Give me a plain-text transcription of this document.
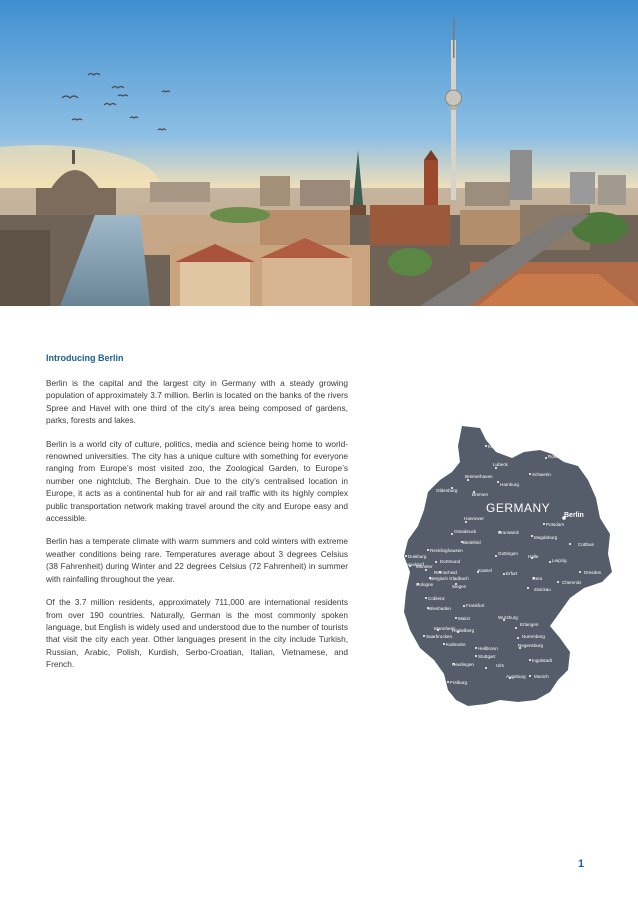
Introducing Berlin

Berlin is the capital and the largest city in Germany with a steady growing population of approximately 3.7 million. Berlin is located on the banks of the rivers Spree and Havel with one third of the city’s area being composed of gardens, parks, forests and lakes.

Berlin is a world city of culture, politics, media and science being home to world-renowned universities. The city has a unique culture with something for everyone ranging from Europe’s most visited zoo, the Zoological Garden, to Europe’s number one nightclub, The Berghain. Due to the city’s centralised location in Europe, it acts as a continental hub for air and rail traffic with its highly complex public transportation network making travel around the city and Europe easy and accessible.

Berlin has a temperate climate with warm summers and cold winters with extreme weather conditions being rare. Temperatures average about 3 degrees Celsius (38 Fahrenheit) during Winter and 22 degrees Celsius (72 Fahrenheit) in summer with rainfalling throughout the year.

Of the 3.7 million residents, approximately 711,000 are international residents from over 190 countries. Naturally, German is the most commonly spoken language, but English is widely used and understood due to the number of tourists that visit the city each year. Other languages present in the city include Turkish, Russian, Arabic, Polish, Kurdish, Serbo-Croatian, Italian, Vietnamese, and French.

GERMANY
Berlin
Kiel
Rostock
Lubeck
Schwerin
Bremerhaven
Hamburg
Oldenburg
Bremen
Potsdam
Hannover
Osnabruck	Brunswick
Magdeburg
Bielefeld	Cottbus
Recklinghausen
Gottingen
Duisburg
Dortmund
Halle
Leipzig
Dusseldorf
Munster
Remscheid	Kassel
Erfurt
Bergisch Gladbach
Siegen
Gera
Dresden
Chemnitz
Cologne
Zwickau
Coblenz
Wiesbaden
Frankfurt
Mainz	Wurzburg
Mannheim
Erlangen
Heidelberg
Saarbrucken	Nuremberg
Karlsruhe
Heilbronn
Regensburg
Stuttgart
Ingolstadt
Reutlingen	Ulm
Augsburg Munich
Freiburg
1
